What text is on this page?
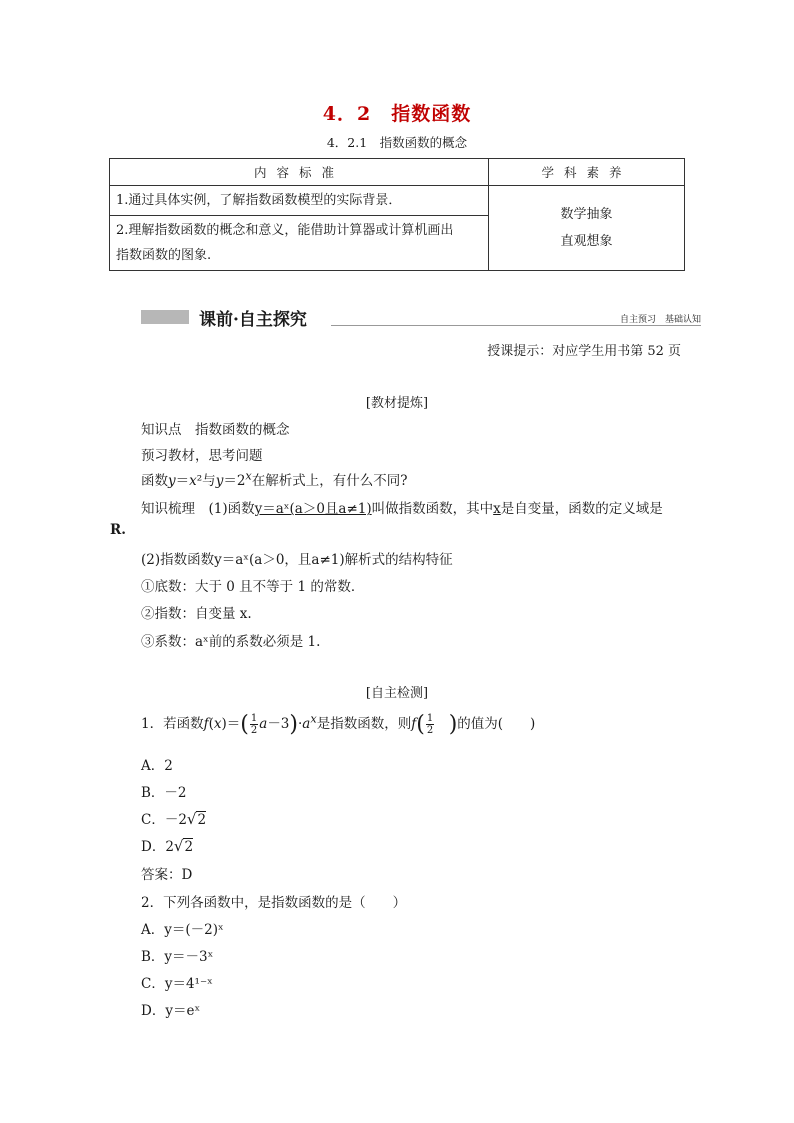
4．2　 指数函数
4．2.1　 指数函数的概念
内容标准	学科素养
1.通过具体实例，了解指数函数模型的实际背景．	数学抽象
直观想象

2.理解指数函数的概念和意义，能借助计算器或计算机画出
指数函数的图象.	
课前·自主探究	自主预习　基础认知
授课提示：对应学生用书第 52 页
[教材提炼]
知识点　指数函数的概念
预习教材，思考问题
函数y＝x²与$y=2^x$在解析式上，有什么不同?
知识梳理　(1)函数y＝aˣ(a＞0且a≠1)叫做指数函数，其中x是自变量，函数的定义域是
R.
(2)指数函数y＝aˣ(a＞0，且a≠1)解析式的结构特征
①底数：大于 0 且不等于 1 的常数．
②指数：自变量 x.
③系数：aˣ前的系数必须是 1.
[自主检测]
1．若函数$f(x)=( \frac{1}{2} a-3)\cdot a^x$是指数函数，则$f( \frac{1}{2}$
　 )的值为(　　)
A．2
B．－2
C．－2√2
D．2√2
答案：D
2．下列各函数中，是指数函数的是（　　）
A．y＝(－2)ˣ
B．y＝－3ˣ
C．y＝4¹⁻ˣ
D．y＝eˣ
